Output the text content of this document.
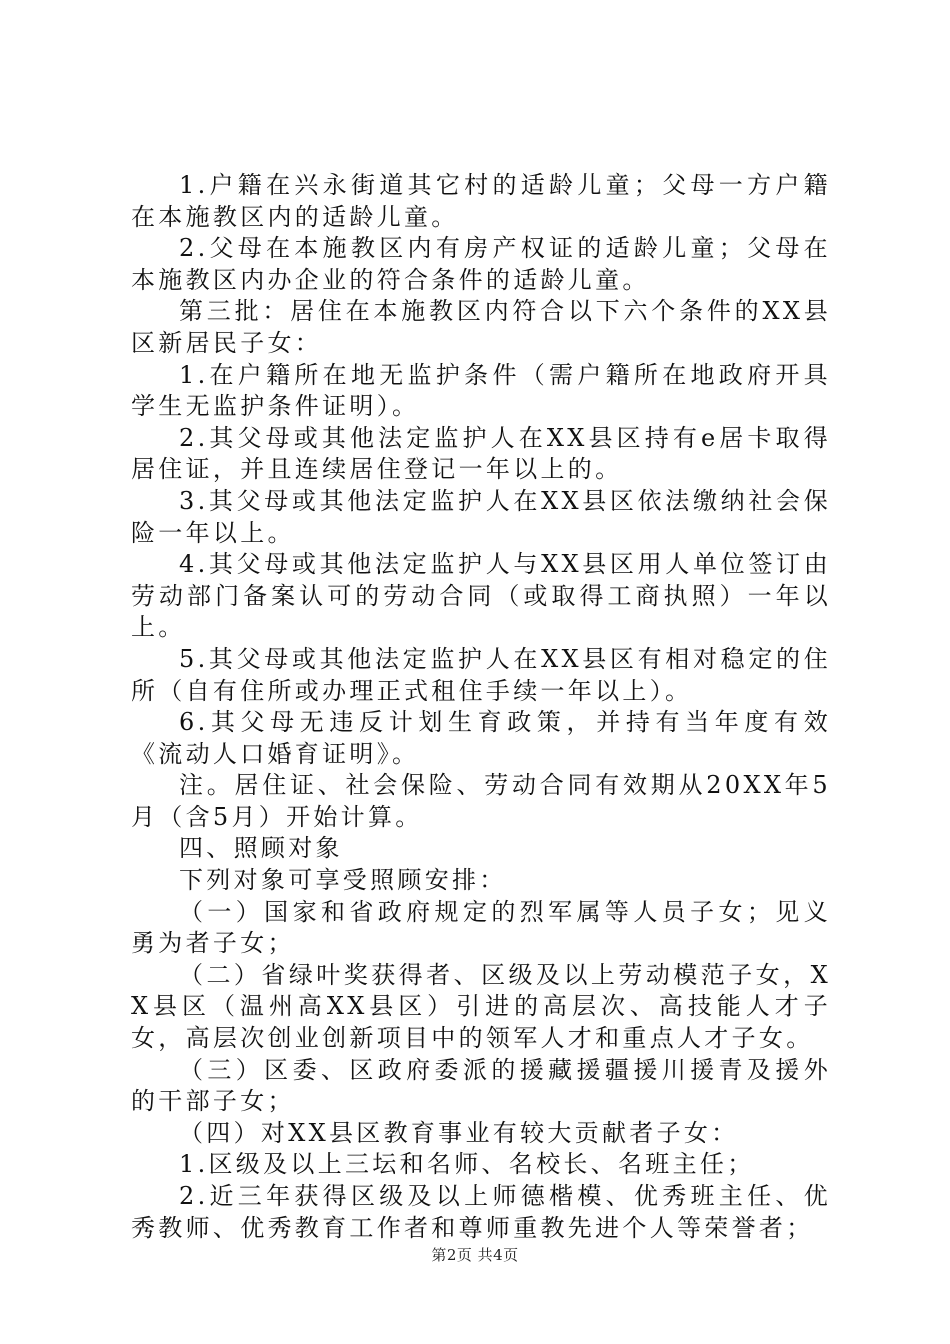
1.户籍在兴永街道其它村的适龄儿童；父母一方户籍在本施教区内的适龄儿童。

2.父母在本施教区内有房产权证的适龄儿童；父母在本施教区内办企业的符合条件的适龄儿童。

第三批：居住在本施教区内符合以下六个条件的XX县区新居民子女：

1.在户籍所在地无监护条件（需户籍所在地政府开具学生无监护条件证明）。

2.其父母或其他法定监护人在XX县区持有e居卡取得居住证，并且连续居住登记一年以上的。

3.其父母或其他法定监护人在XX县区依法缴纳社会保险一年以上。

4.其父母或其他法定监护人与XX县区用人单位签订由劳动部门备案认可的劳动合同（或取得工商执照）一年以上。

5.其父母或其他法定监护人在XX县区有相对稳定的住所（自有住所或办理正式租住手续一年以上）。

6.其父母无违反计划生育政策，并持有当年度有效《流动人口婚育证明》。

注。居住证、社会保险、劳动合同有效期从20XX年5月（含5月）开始计算。

四、照顾对象

下列对象可享受照顾安排：

（一）国家和省政府规定的烈军属等人员子女；见义勇为者子女；

（二）省绿叶奖获得者、区级及以上劳动模范子女，XX县区（温州高XX县区）引进的高层次、高技能人才子女，高层次创业创新项目中的领军人才和重点人才子女。

（三）区委、区政府委派的援藏援疆援川援青及援外的干部子女；

（四）对XX县区教育事业有较大贡献者子女：

1.区级及以上三坛和名师、名校长、名班主任；

2.近三年获得区级及以上师德楷模、优秀班主任、优秀教师、优秀教育工作者和尊师重教先进个人等荣誉者；

第2页 共4页
